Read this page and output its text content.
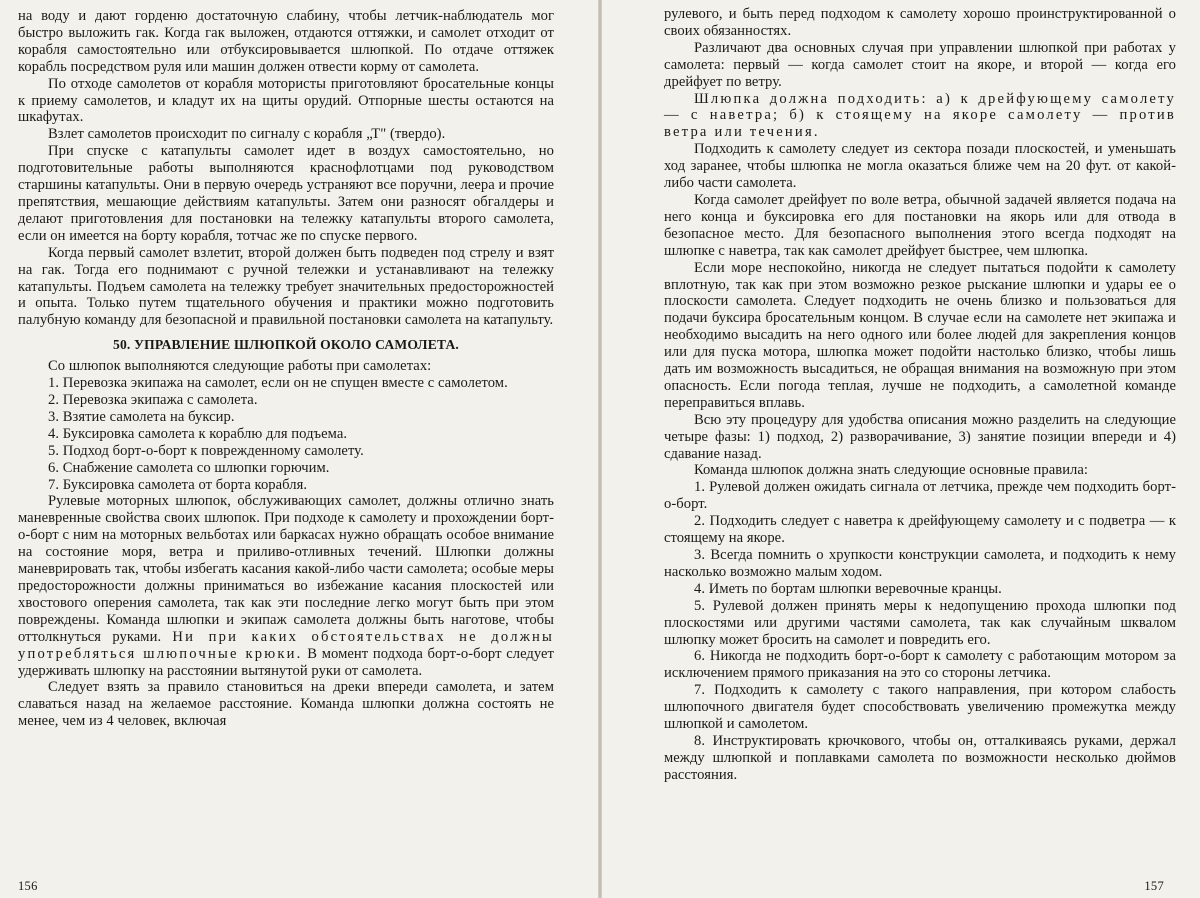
на воду и дают горденю достаточную слабину, чтобы летчик-наблюдатель мог быстро выложить гак. Когда гак выложен, отдаются оттяжки, и самолет отходит от корабля самостоятельно или отбуксировывается шлюпкой. По отдаче оттяжек корабль посредством руля или машин должен отвести корму от самолета.

По отходе самолетов от корабля мотористы приготовляют бросательные концы к приему самолетов, и кладут их на щиты орудий. Отпорные шесты остаются на шкафутах.

Взлет самолетов происходит по сигналу с корабля „Т" (твердо).

При спуске с катапульты самолет идет в воздух самостоятельно, но подготовительные работы выполняются краснофлотцами под руководством старшины катапульты. Они в первую очередь устраняют все поручни, леера и прочие препятствия, мешающие действиям катапульты. Затем они разносят обгалдеры и делают приготовления для постановки на тележку катапульты второго самолета, если он имеется на борту корабля, тотчас же по спуске первого.

Когда первый самолет взлетит, второй должен быть подведен под стрелу и взят на гак. Тогда его поднимают с ручной тележки и устанавливают на тележку катапульты. Подъем самолета на тележку требует значительных предосторожностей и опыта. Только путем тщательного обучения и практики можно подготовить палубную команду для безопасной и правильной постановки самолета на катапульту.

50. УПРАВЛЕНИЕ ШЛЮПКОЙ ОКОЛО САМОЛЕТА.

Со шлюпок выполняются следующие работы при самолетах:

1. Перевозка экипажа на самолет, если он не спущен вместе с самолетом.

2. Перевозка экипажа с самолета.

3. Взятие самолета на буксир.

4. Буксировка самолета к кораблю для подъема.

5. Подход борт-о-борт к поврежденному самолету.

6. Снабжение самолета со шлюпки горючим.

7. Буксировка самолета от борта корабля.

Рулевые моторных шлюпок, обслуживающих самолет, должны отлично знать маневренные свойства своих шлюпок. При подходе к самолету и прохождении борт-о-борт с ним на моторных вельботах или баркасах нужно обращать особое внимание на состояние моря, ветра и приливо-отливных течений. Шлюпки должны маневрировать так, чтобы избегать касания какой-либо части самолета; особые меры предосторожности должны приниматься во избежание касания плоскостей или хвостового оперения самолета, так как эти последние легко могут быть при этом повреждены. Команда шлюпки и экипаж самолета должны быть наготове, чтобы оттолкнуться руками. Ни при каких обстоятельствах не должны употребляться шлюпочные крюки. В момент подхода борт-о-борт следует удерживать шлюпку на расстоянии вытянутой руки от самолета.

Следует взять за правило становиться на дреки впереди самолета, и затем славаться назад на желаемое расстояние. Команда шлюпки должна состоять не менее, чем из 4 человек, включая

156

рулевого, и быть перед подходом к самолету хорошо проинструктированной о своих обязанностях.

Различают два основных случая при управлении шлюпкой при работах у самолета: первый — когда самолет стоит на якоре, и второй — когда его дрейфует по ветру.

Шлюпка должна подходить: а) к дрейфующему самолету — с наветра; б) к стоящему на якоре самолету — против ветра или течения.

Подходить к самолету следует из сектора позади плоскостей, и уменьшать ход заранее, чтобы шлюпка не могла оказаться ближе чем на 20 фут. от какой-либо части самолета.

Когда самолет дрейфует по воле ветра, обычной задачей является подача на него конца и буксировка его для постановки на якорь или для отвода в безопасное место. Для безопасного выполнения этого всегда подходят на шлюпке с наветра, так как самолет дрейфует быстрее, чем шлюпка.

Если море неспокойно, никогда не следует пытаться подойти к самолету вплотную, так как при этом возможно резкое рыскание шлюпки и удары ее о плоскости самолета. Следует подходить не очень близко и пользоваться для подачи буксира бросательным концом. В случае если на самолете нет экипажа и необходимо высадить на него одного или более людей для закрепления концов или для пуска мотора, шлюпка может подойти настолько близко, чтобы лишь дать им возможность высадиться, не обращая внимания на возможную при этом опасность. Если погода теплая, лучше не подходить, а самолетной команде переправиться вплавь.

Всю эту процедуру для удобства описания можно разделить на следующие четыре фазы: 1) подход, 2) разворачивание, 3) занятие позиции впереди и 4) сдавание назад.

Команда шлюпок должна знать следующие основные правила:

1. Рулевой должен ожидать сигнала от летчика, прежде чем подходить борт-о-борт.

2. Подходить следует с наветра к дрейфующему самолету и с подветра — к стоящему на якоре.

3. Всегда помнить о хрупкости конструкции самолета, и подходить к нему насколько возможно малым ходом.

4. Иметь по бортам шлюпки веревочные кранцы.

5. Рулевой должен принять меры к недопущению прохода шлюпки под плоскостями или другими частями самолета, так как случайным шквалом шлюпку может бросить на самолет и повредить его.

6. Никогда не подходить борт-о-борт к самолету с работающим мотором за исключением прямого приказания на это со стороны летчика.

7. Подходить к самолету с такого направления, при котором слабость шлюпочного двигателя будет способствовать увеличению промежутка между шлюпкой и самолетом.

8. Инструктировать крючкового, чтобы он, отталкиваясь руками, держал между шлюпкой и поплавками самолета по возможности несколько дюймов расстояния.

157
